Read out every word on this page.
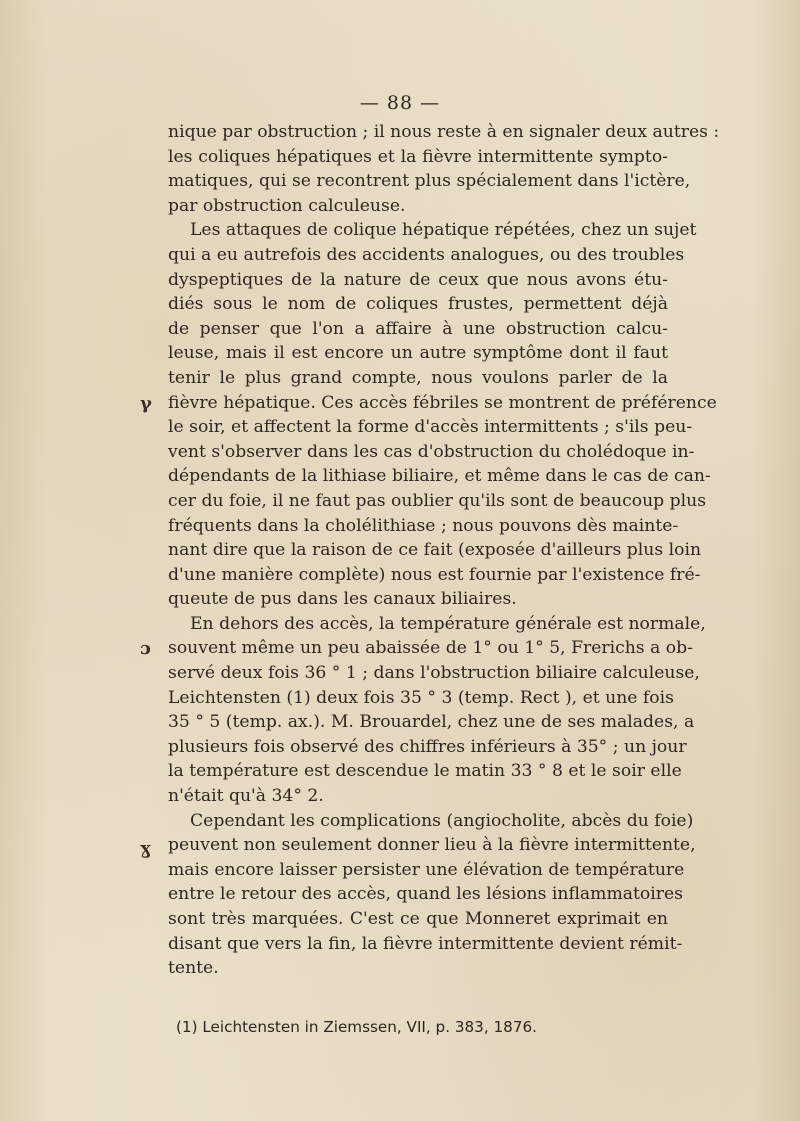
— 88 —
γ
ɔ
ɣ
nique par obstruction ; il nous reste à en signaler deux autres :
les coliques hépatiques et la fièvre intermittente sympto-
matiques, qui se recontrent plus spécialement dans l'ictère,
par obstruction calculeuse.
Les attaques de colique hépatique répétées, chez un sujet
qui a eu autrefois des accidents analogues, ou des troubles
dyspeptiques de la nature de ceux que nous avons étu-
diés sous le nom de coliques frustes, permettent déjà
de penser que l'on a affaire à une obstruction calcu-
leuse, mais il est encore un autre symptôme dont il faut
tenir le plus grand compte, nous voulons parler de la
fièvre hépatique. Ces accès fébriles se montrent de préférence
le soir, et affectent la forme d'accès intermittents ; s'ils peu-
vent s'observer dans les cas d'obstruction du cholédoque in-
dépendants de la lithiase biliaire, et même dans le cas de can-
cer du foie, il ne faut pas oublier qu'ils sont de beaucoup plus
fréquents dans la cholélithiase ; nous pouvons dès mainte-
nant dire que la raison de ce fait (exposée d'ailleurs plus loin
d'une manière complète) nous est fournie par l'existence fré-
queute de pus dans les canaux biliaires.
En dehors des accès, la température générale est normale,
souvent même un peu abaissée de 1° ou 1° 5, Frerichs a ob-
servé deux fois 36 ° 1 ; dans l'obstruction biliaire calculeuse,
Leichtensten (1) deux fois 35 ° 3 (temp. Rect ), et une fois
35 ° 5 (temp. ax.). M. Brouardel, chez une de ses malades, a
plusieurs fois observé des chiffres inférieurs à 35° ; un jour
la température est descendue le matin 33 ° 8 et le soir elle
n'était qu'à 34° 2.
Cependant les complications (angiocholite, abcès du foie)
peuvent non seulement donner lieu à la fièvre intermittente,
mais encore laisser persister une élévation de température
entre le retour des accès, quand les lésions inflammatoires
sont très marquées. C'est ce que Monneret exprimait en
disant que vers la fin, la fièvre intermittente devient rémit-
tente.
(1) Leichtensten in Ziemssen, VII, p. 383, 1876.
